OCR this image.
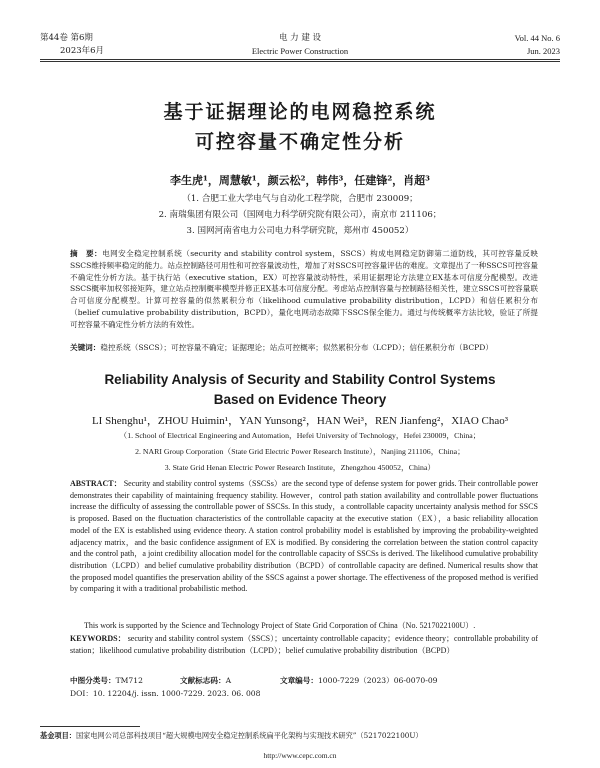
第44卷 第6期	电 力 建 设	Vol. 44 No. 6
2023年6月	Electric Power Construction	Jun. 2023
基于证据理论的电网稳控系统
可控容量不确定性分析
李生虎¹，周慧敏¹，颜云松²，韩伟³，任建锋²，肖超³
（1. 合肥工业大学电气与自动化工程学院，合肥市 230009；
2. 南瑞集团有限公司（国网电力科学研究院有限公司），南京市 211106；
3. 国网河南省电力公司电力科学研究院，郑州市 450052）
摘　要：电网安全稳定控制系统（security and stability control system，SSCS）构成电网稳定防御第二道防线，其可控容量反映SSCS维持频率稳定的能力。站点控制路径可用性和可控容量波动性，增加了对SSCS可控容量评估的难度。文章提出了一种SSCS可控容量不确定性分析方法。基于执行站（executive station，EX）可控容量波动特性，采用证据理论方法建立EX基本可信度分配模型。改进SSCS概率加权邻接矩阵，建立站点控制概率模型并修正EX基本可信度分配。考虑站点控制容量与控制路径相关性，建立SSCS可控容量联合可信度分配模型。计算可控容量的似然累积分布（likelihood cumulative probability distribution，LCPD）和信任累积分布（belief cumulative probability distribution，BCPD），量化电网动态故障下SSCS保全能力。通过与传统概率方法比较，验证了所提可控容量不确定性分析方法的有效性。
关键词：稳控系统（SSCS）；可控容量不确定；证据理论；站点可控概率；似然累积分布（LCPD）；信任累积分布（BCPD）
Reliability Analysis of Security and Stability Control Systems
Based on Evidence Theory
LI Shenghu¹，ZHOU Huimin¹，YAN Yunsong²，HAN Wei³，REN Jianfeng²，XIAO Chao³
（1. School of Electrical Engineering and Automation，Hefei University of Technology，Hefei 230009，China；
2. NARI Group Corporation（State Grid Electric Power Research Institute），Nanjing 211106，China；
3. State Grid Henan Electric Power Research Institute，Zhengzhou 450052，China）
ABSTRACT： Security and stability control systems（SSCSs）are the second type of defense system for power grids. Their controllable power demonstrates their capability of maintaining frequency stability. However，control path station availability and controllable power fluctuations increase the difficulty of assessing the controllable power of SSCSs. In this study，a controllable capacity uncertainty analysis method for SSCS is proposed. Based on the fluctuation characteristics of the controllable capacity at the executive station（EX），a basic reliability allocation model of the EX is established using evidence theory. A station control probability model is established by improving the probability-weighted adjacency matrix，and the basic confidence assignment of EX is modified. By considering the correlation between the station control capacity and the control path，a joint credibility allocation model for the controllable capacity of SSCSs is derived. The likelihood cumulative probability distribution（LCPD）and belief cumulative probability distribution（BCPD）of controllable capacity are defined. Numerical results show that the proposed model quantifies the preservation ability of the SSCS against a power shortage. The effectiveness of the proposed method is verified by comparing it with a traditional probabilistic method.
This work is supported by the Science and Technology Project of State Grid Corporation of China（No. 5217022100U）.
KEYWORDS： security and stability control system（SSCS）；uncertainty controllable capacity；evidence theory；controllable probability of station；likelihood cumulative probability distribution（LCPD）；belief cumulative probability distribution（BCPD）
中图分类号：TM712	文献标志码：A	文章编号：1000-7229（2023）06-0070-09
DOI：10. 12204/j. issn. 1000-7229. 2023. 06. 008
基金项目：国家电网公司总部科技项目“超大规模电网安全稳定控制系统扁平化架构与实现技术研究”（5217022100U）
http://www.cepc.com.cn
